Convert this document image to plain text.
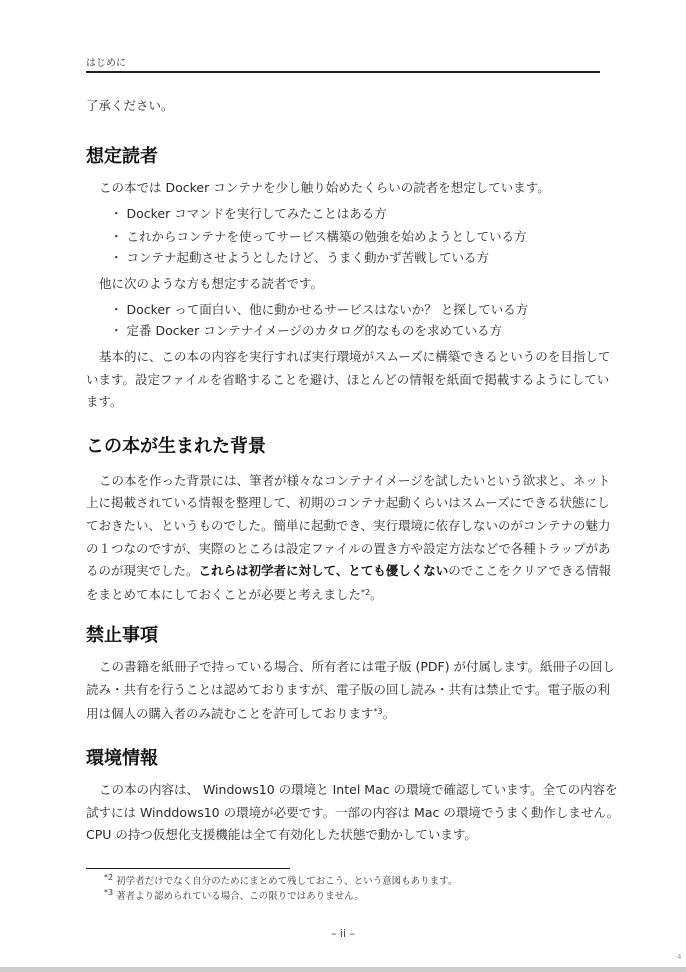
はじめに
了承ください。
想定読者
この本では Docker コンテナを少し触り始めたくらいの読者を想定しています。
・ Docker コマンドを実行してみたことはある方
・ これからコンテナを使ってサービス構築の勉強を始めようとしている方
・ コンテナ起動させようとしたけど、うまく動かず苦戦している方
他に次のような方も想定する読者です。
・ Docker って面白い、他に動かせるサービスはないか？ と探している方
・ 定番 Docker コンテナイメージのカタログ的なものを求めている方
基本的に、この本の内容を実行すれば実行環境がスムーズに構築できるというのを目指して
います。設定ファイルを省略することを避け、ほとんどの情報を紙面で掲載するようにしてい
ます。
この本が生まれた背景
この本を作った背景には、筆者が様々なコンテナイメージを試したいという欲求と、ネット
上に掲載されている情報を整理して、初期のコンテナ起動くらいはスムーズにできる状態にし
ておきたい、というものでした。簡単に起動でき、実行環境に依存しないのがコンテナの魅力
の１つなのですが、実際のところは設定ファイルの置き方や設定方法などで各種トラップがあ
るのが現実でした。これらは初学者に対して、とても優しくないのでここをクリアできる情報
をまとめて本にしておくことが必要と考えました$^{*2}$。
禁止事項
この書籍を紙冊子で持っている場合、所有者には電子版 (PDF) が付属します。紙冊子の回し
読み・共有を行うことは認めておりますが、電子版の回し読み・共有は禁止です。電子版の利
用は個人の購入者のみ読むことを許可しております$^{*3}$。
環境情報
この本の内容は、 Windows10 の環境と Intel Mac の環境で確認しています。全ての内容を
試すには Winddows10 の環境が必要です。一部の内容は Mac の環境でうまく動作しません。
CPU の持つ仮想化支援機能は全て有効化した状態で動かしています。
$^{*2}$ 初学者だけでなく自分のためにまとめて残しておこう、という意図もあります。
$^{*3}$ 著者より認められている場合、この限りではありません。
– ii –
4
